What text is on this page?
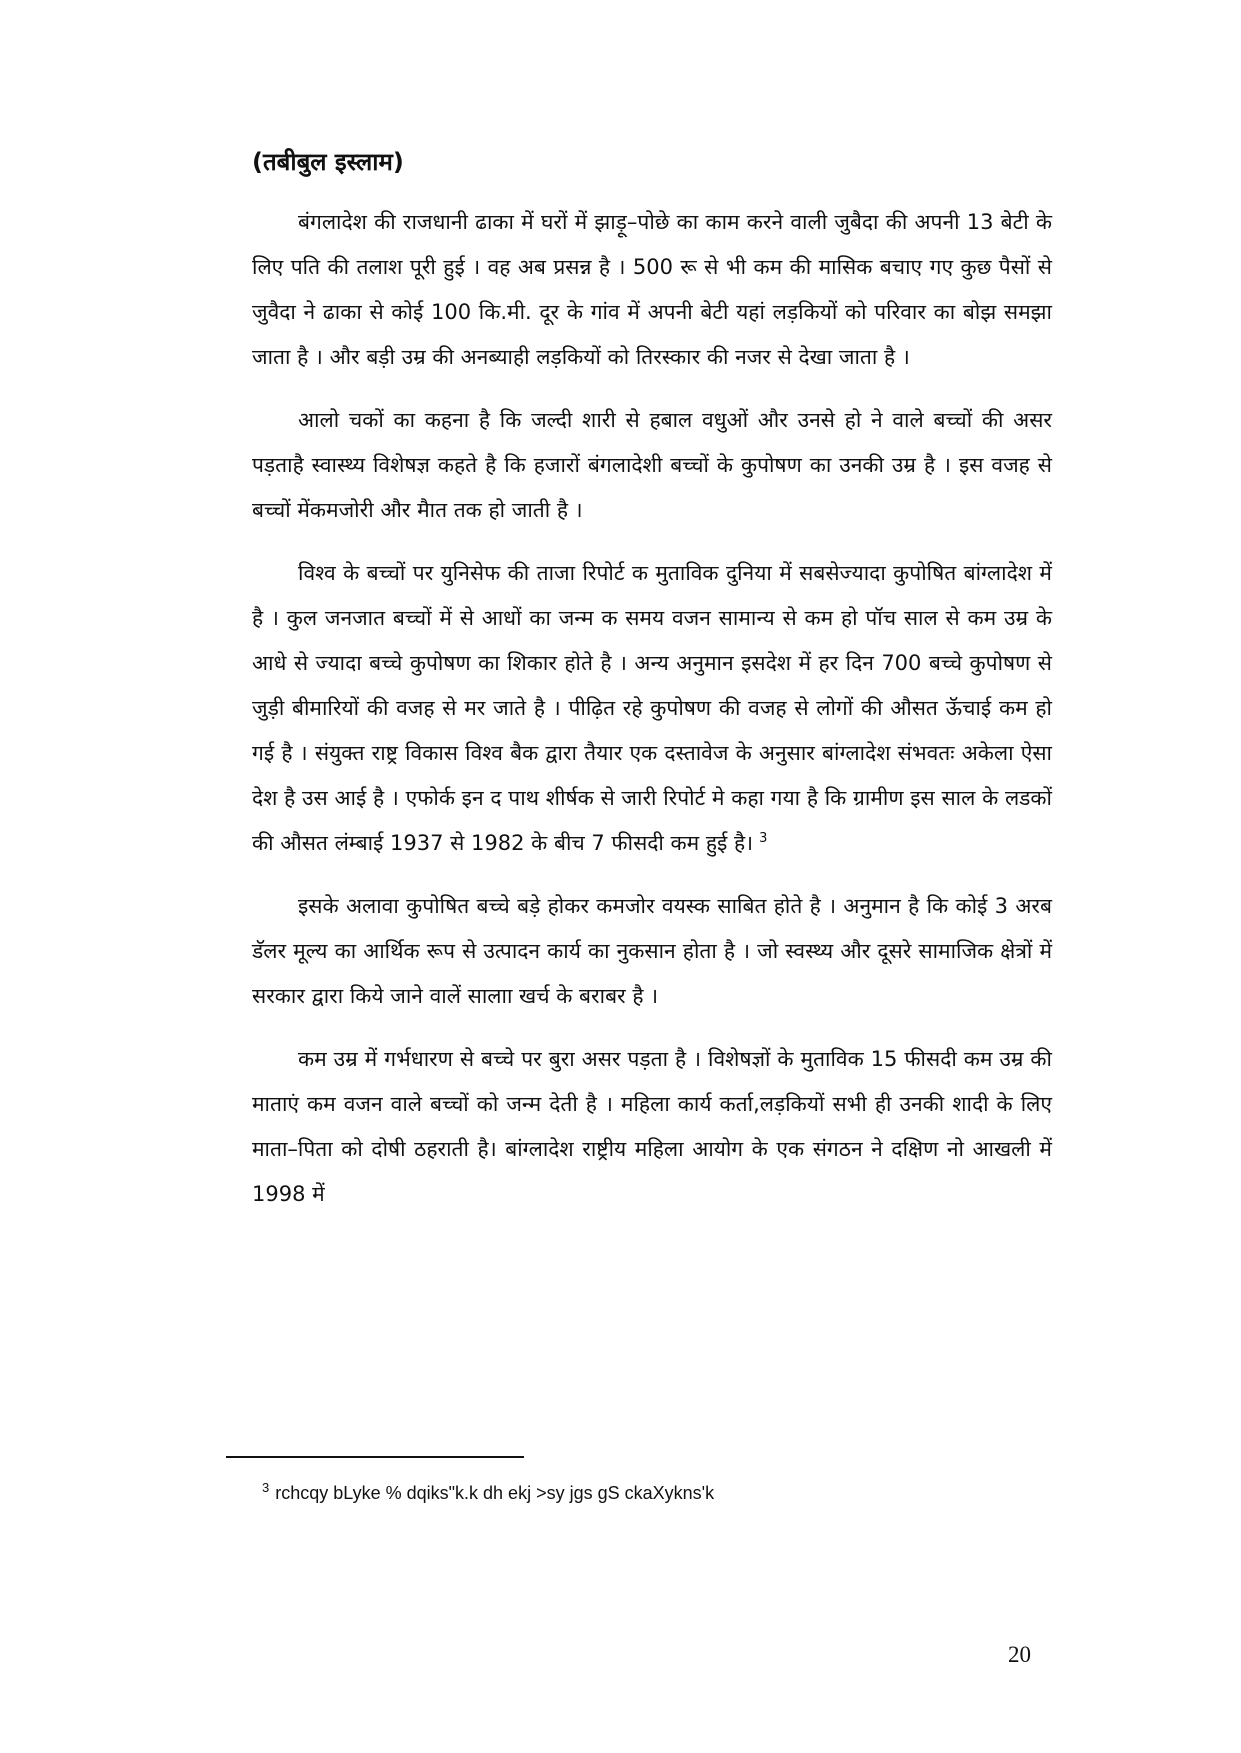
(तबीबुल इस्लाम)

बंगलादेश की राजधानी ढाका में घरों में झाड़ू–पोछे का काम करने वाली जुबैदा की अपनी 13 बेटी के लिए पति की तलाश पूरी हुई । वह अब प्रसन्न है । 500 रू से भी कम की मासिक बचाए गए कुछ पैसों से जुवैदा ने ढाका से कोई 100 कि.मी. दूर के गांव में अपनी बेटी यहां लड़कियों को परिवार का बोझ समझा जाता है । और बड़ी उम्र की अनब्याही लड़कियों को तिरस्कार की नजर से देखा जाता है ।

आलो चकों का कहना है कि जल्दी शारी से हबाल वधुओं और उनसे हो ने वाले बच्चों की असर पड़ताहै स्वास्थ्य विशेषज्ञ कहते है कि हजारों बंगलादेशी बच्चों के कुपोषण का उनकी उम्र है । इस वजह से बच्चों मेंकमजोरी और मैात तक हो जाती है ।

विश्व के बच्चों पर युनिसेफ की ताजा रिपोर्ट क मुताविक दुनिया में सबसेज्यादा कुपोषित बांग्लादेश में है । कुल जनजात बच्चों में से आधों का जन्म क समय वजन सामान्य से कम हो पॉच साल से कम उम्र के आधे से ज्यादा बच्चे कुपोषण का शिकार होते है । अन्य अनुमान इसदेश में हर दिन 700 बच्चे कुपोषण से जुड़ी बीमारियों की वजह से मर जाते है । पीढ़ित रहे कुपोषण की वजह से लोगों की औसत ऊॅचाई कम हो गई है । संयुक्त राष्ट्र विकास विश्व बैक द्वारा तैयार एक दस्तावेज के अनुसार बांग्लादेश संभवतः अकेला ऐसा देश है उस आई है । एफोर्क इन द पाथ शीर्षक से जारी रिपोर्ट मे कहा गया है कि ग्रामीण इस साल के लडकों की औसत लंम्बाई 1937 से 1982 के बीच 7 फीसदी कम हुई है। $^3$

इसके अलावा कुपोषित बच्चे बड़े होकर कमजोर वयस्क साबित होते है । अनुमान है कि कोई 3 अरब डॅलर मूल्य का आर्थिक रूप से उत्पादन कार्य का नुकसान होता है । जो स्वस्थ्य और दूसरे सामाजिक क्षेत्रों में सरकार द्वारा किये जाने वालें सालाा खर्च के बराबर है ।

कम उम्र में गर्भधारण से बच्चे पर बुरा असर पड़ता है । विशेषज्ञों के मुताविक 15 फीसदी कम उम्र की माताएं कम वजन वाले बच्चों को जन्म देती है । महिला कार्य कर्ता,लड़कियों सभी ही उनकी शादी के लिए माता–पिता को दोषी ठहराती है। बांग्लादेश राष्ट्रीय महिला आयोग के एक संगठन ने दक्षिण नो आखली में 1998 में

$^3$ rchcqy bLyke % dqiks"k.k dh ekj >sy jgs gS ckaXykns'k
20
